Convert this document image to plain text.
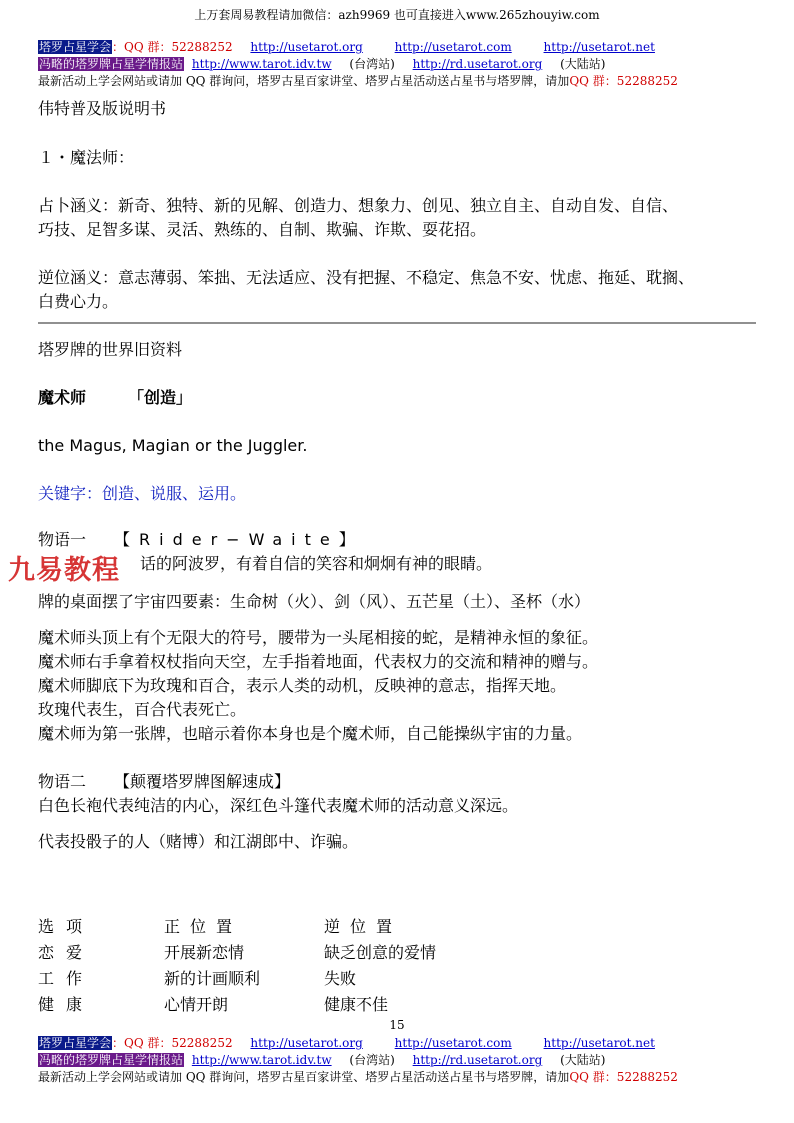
上万套周易教程请加微信：azh9969 也可直接进入www.265zhouyiw.com
塔罗占星学会：QQ 群：52288252 http://usetarot.org	http://usetarot.com	http://usetarot.net
冯略的塔罗牌占星学情报站 http://www.tarot.idv.tw (台湾站) http://rd.usetarot.org (大陆站)
最新活动上学会网站或请加 QQ 群询问，塔罗古星百家讲堂、塔罗占星活动送占星书与塔罗牌，请加QQ 群：52288252
伟特普及版说明书
１・魔法师：
占卜涵义：新奇、独特、新的见解、创造力、想象力、创见、独立自主、自动自发、自信、
巧技、足智多谋、灵活、熟练的、自制、欺骗、诈欺、耍花招。
逆位涵义：意志薄弱、笨拙、无法适应、没有把握、不稳定、焦急不安、忧虑、拖延、耽搁、
白费心力。
塔罗牌的世界旧资料
魔术师	「创造」
the Magus, Magian or the Juggler.
关键字：创造、说服、运用。
物语一 【Rider−Waite】
话的阿波罗，有着自信的笑容和炯炯有神的眼睛。
九易教程
牌的桌面摆了宇宙四要素：生命树（火）、剑（风）、五芒星（土）、圣杯（水）
魔术师头顶上有个无限大的符号，腰带为一头尾相接的蛇，是精神永恒的象征。
魔术师右手拿着权杖指向天空，左手指着地面，代表权力的交流和精神的赠与。
魔术师脚底下为玫瑰和百合，表示人类的动机，反映神的意志，指挥天地。
玫瑰代表生，百合代表死亡。
魔术师为第一张牌，也暗示着你本身也是个魔术师，自己能操纵宇宙的力量。
物语二 【颠覆塔罗牌图解速成】
白色长袍代表纯洁的内心，深红色斗篷代表魔术师的活动意义深远。
代表投骰子的人（赌博）和江湖郎中、诈骗。
选项	正位置	逆位置
恋爱	开展新恋情	缺乏创意的爱情
工作	新的计画顺利	失败
健康	心情开朗	健康不佳
15
塔罗占星学会：QQ 群：52288252 http://usetarot.org	http://usetarot.com	http://usetarot.net
冯略的塔罗牌占星学情报站 http://www.tarot.idv.tw (台湾站) http://rd.usetarot.org (大陆站)
最新活动上学会网站或请加 QQ 群询问，塔罗古星百家讲堂、塔罗占星活动送占星书与塔罗牌，请加QQ 群：52288252
